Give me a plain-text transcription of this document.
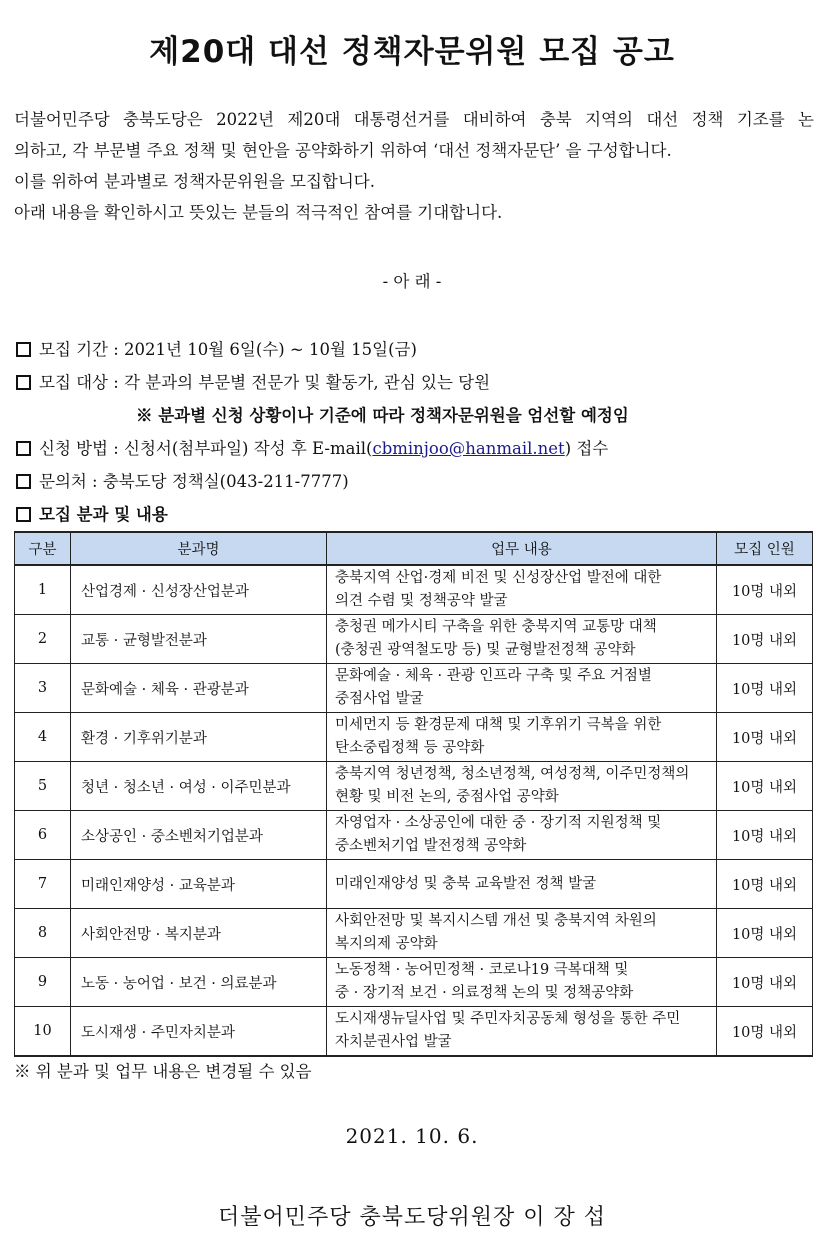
제20대 대선 정책자문위원 모집 공고

더불어민주당 충북도당은 2022년 제20대 대통령선거를 대비하여 충북 지역의 대선 정책 기조를 논

의하고, 각 부문별 주요 정책 및 현안을 공약화하기 위하여 ‘대선 정책자문단’ 을 구성합니다.

이를 위하여 분과별로 정책자문위원을 모집합니다.

아래 내용을 확인하시고 뜻있는 분들의 적극적인 참여를 기대합니다.

- 아 래 -
모집 기간 : 2021년 10월 6일(수) ~ 10월 15일(금)
모집 대상 : 각 분과의 부문별 전문가 및 활동가, 관심 있는 당원
※ 분과별 신청 상황이나 기준에 따라 정책자문위원을 엄선할 예정임
신청 방법 : 신청서(첨부파일) 작성 후 E-mail( cbminjoo@hanmail.net ) 접수
문의처 : 충북도당 정책실(043-211-7777)
모집 분과 및 내용
구분	분과명	업무 내용	모집 인원
1	산업경제 · 신성장산업분과	충북지역 산업·경제 비전 및 신성장산업 발전에 대한
의견 수렴 및 정책공약 발굴	10명 내외
2	교통 · 균형발전분과	충청권 메가시티 구축을 위한 충북지역 교통망 대책
(충청권 광역철도망 등) 및 균형발전정책 공약화	10명 내외
3	문화예술 · 체육 · 관광분과	문화예술 · 체육 · 관광 인프라 구축 및 주요 거점별
중점사업 발굴	10명 내외
4	환경 · 기후위기분과	미세먼지 등 환경문제 대책 및 기후위기 극복을 위한
탄소중립정책 등 공약화	10명 내외
5	청년 · 청소년 · 여성 · 이주민분과	충북지역 청년정책, 청소년정책, 여성정책, 이주민정책의
현황 및 비전 논의, 중점사업 공약화	10명 내외
6	소상공인 · 중소벤처기업분과	자영업자 · 소상공인에 대한 중 · 장기적 지원정책 및
중소벤처기업 발전정책 공약화	10명 내외
7	미래인재양성 · 교육분과	미래인재양성 및 충북 교육발전 정책 발굴	10명 내외
8	사회안전망 · 복지분과	사회안전망 및 복지시스템 개선 및 충북지역 차원의
복지의제 공약화	10명 내외
9	노동 · 농어업 · 보건 · 의료분과	노동정책 · 농어민정책 · 코로나19 극복대책 및
중 · 장기적 보건 · 의료정책 논의 및 정책공약화	10명 내외
10	도시재생 · 주민자치분과	도시재생뉴딜사업 및 주민자치공동체 형성을 통한 주민
자치분권사업 발굴	10명 내외
※ 위 분과 및 업무 내용은 변경될 수 있음
2021. 10. 6.
더불어민주당 충북도당위원장 이 장 섭
